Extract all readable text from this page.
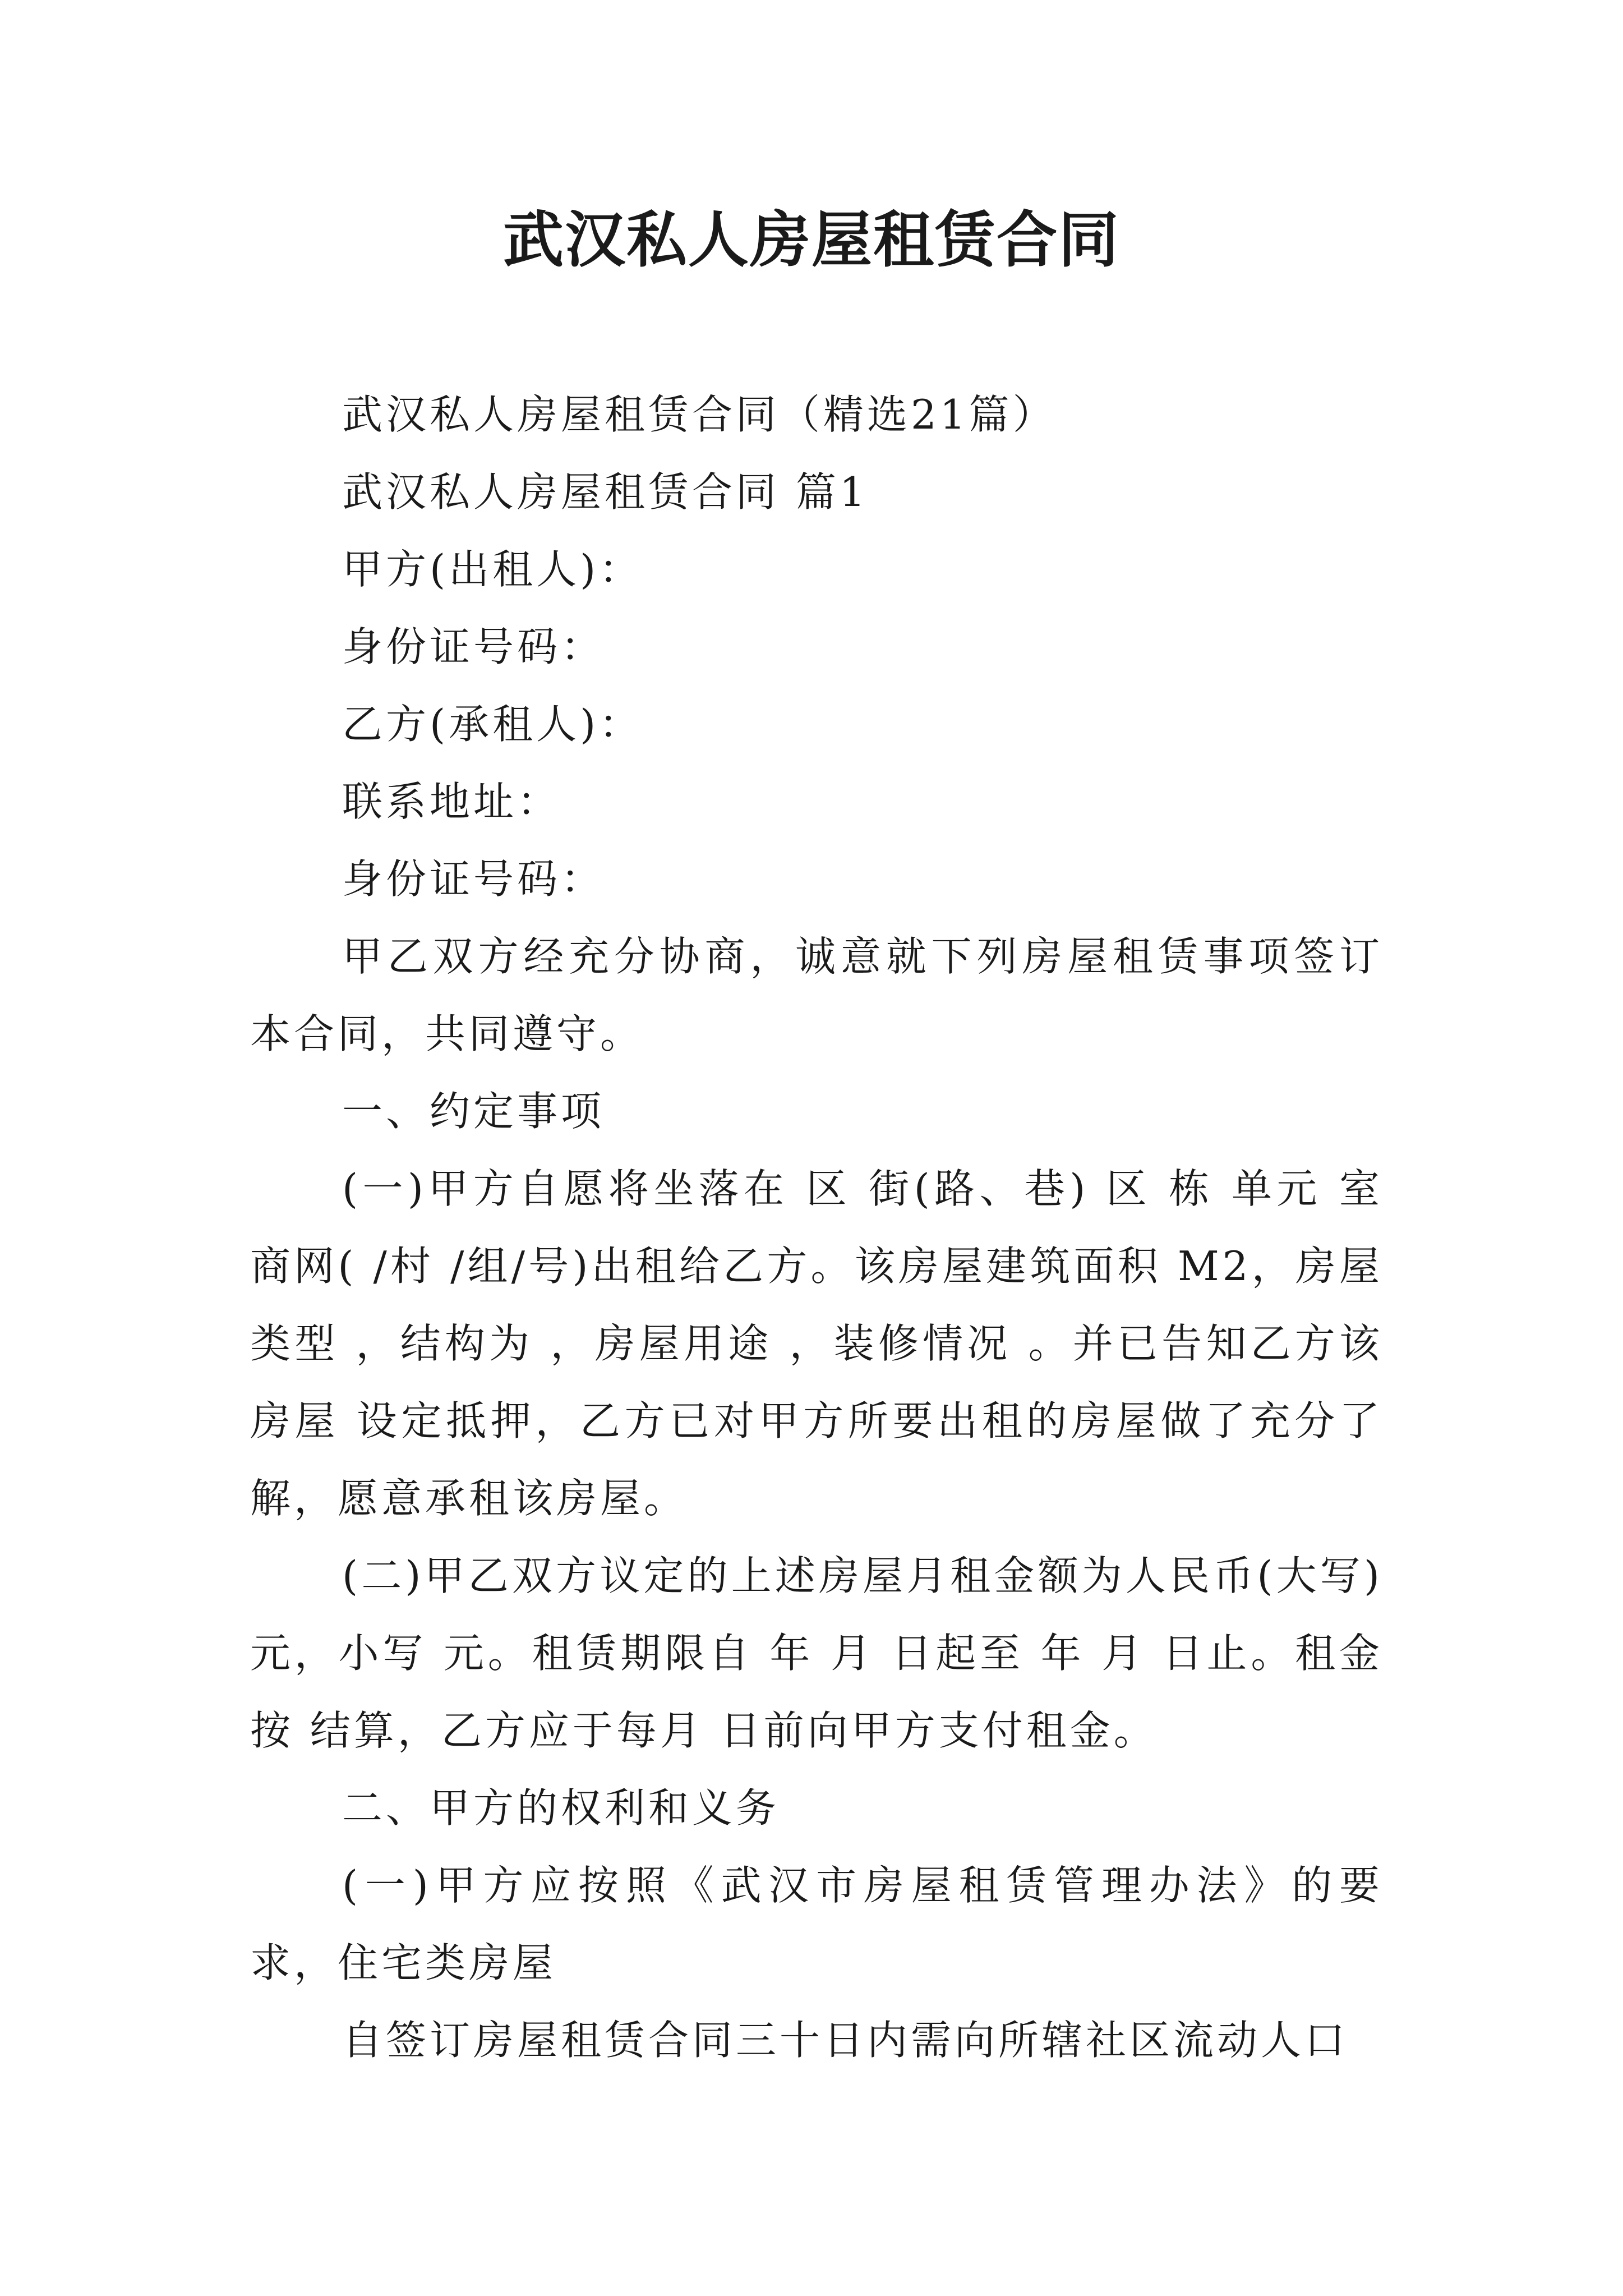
武汉私人房屋租赁合同

武汉私人房屋租赁合同（精选21篇）

武汉私人房屋租赁合同 篇1

甲方(出租人)：

身份证号码：

乙方(承租人)：

联系地址：

身份证号码：

甲乙双方经充分协商，诚意就下列房屋租赁事项签订本合同，共同遵守。

一、约定事项

(一)甲方自愿将坐落在 区 街(路、巷) 区 栋 单元 室商网( /村 /组/号)出租给乙方。该房屋建筑面积 M2，房屋类型 ，结构为 ，房屋用途 ，装修情况 。并已告知乙方该房屋 设定抵押，乙方已对甲方所要出租的房屋做了充分了解，愿意承租该房屋。

(二)甲乙双方议定的上述房屋月租金额为人民币(大写) 元，小写 元。租赁期限自 年 月 日起至 年 月 日止。租金按 结算，乙方应于每月 日前向甲方支付租金。

二、甲方的权利和义务

(一)甲方应按照《武汉市房屋租赁管理办法》的要求，住宅类房屋

自签订房屋租赁合同三十日内需向所辖社区流动人口
